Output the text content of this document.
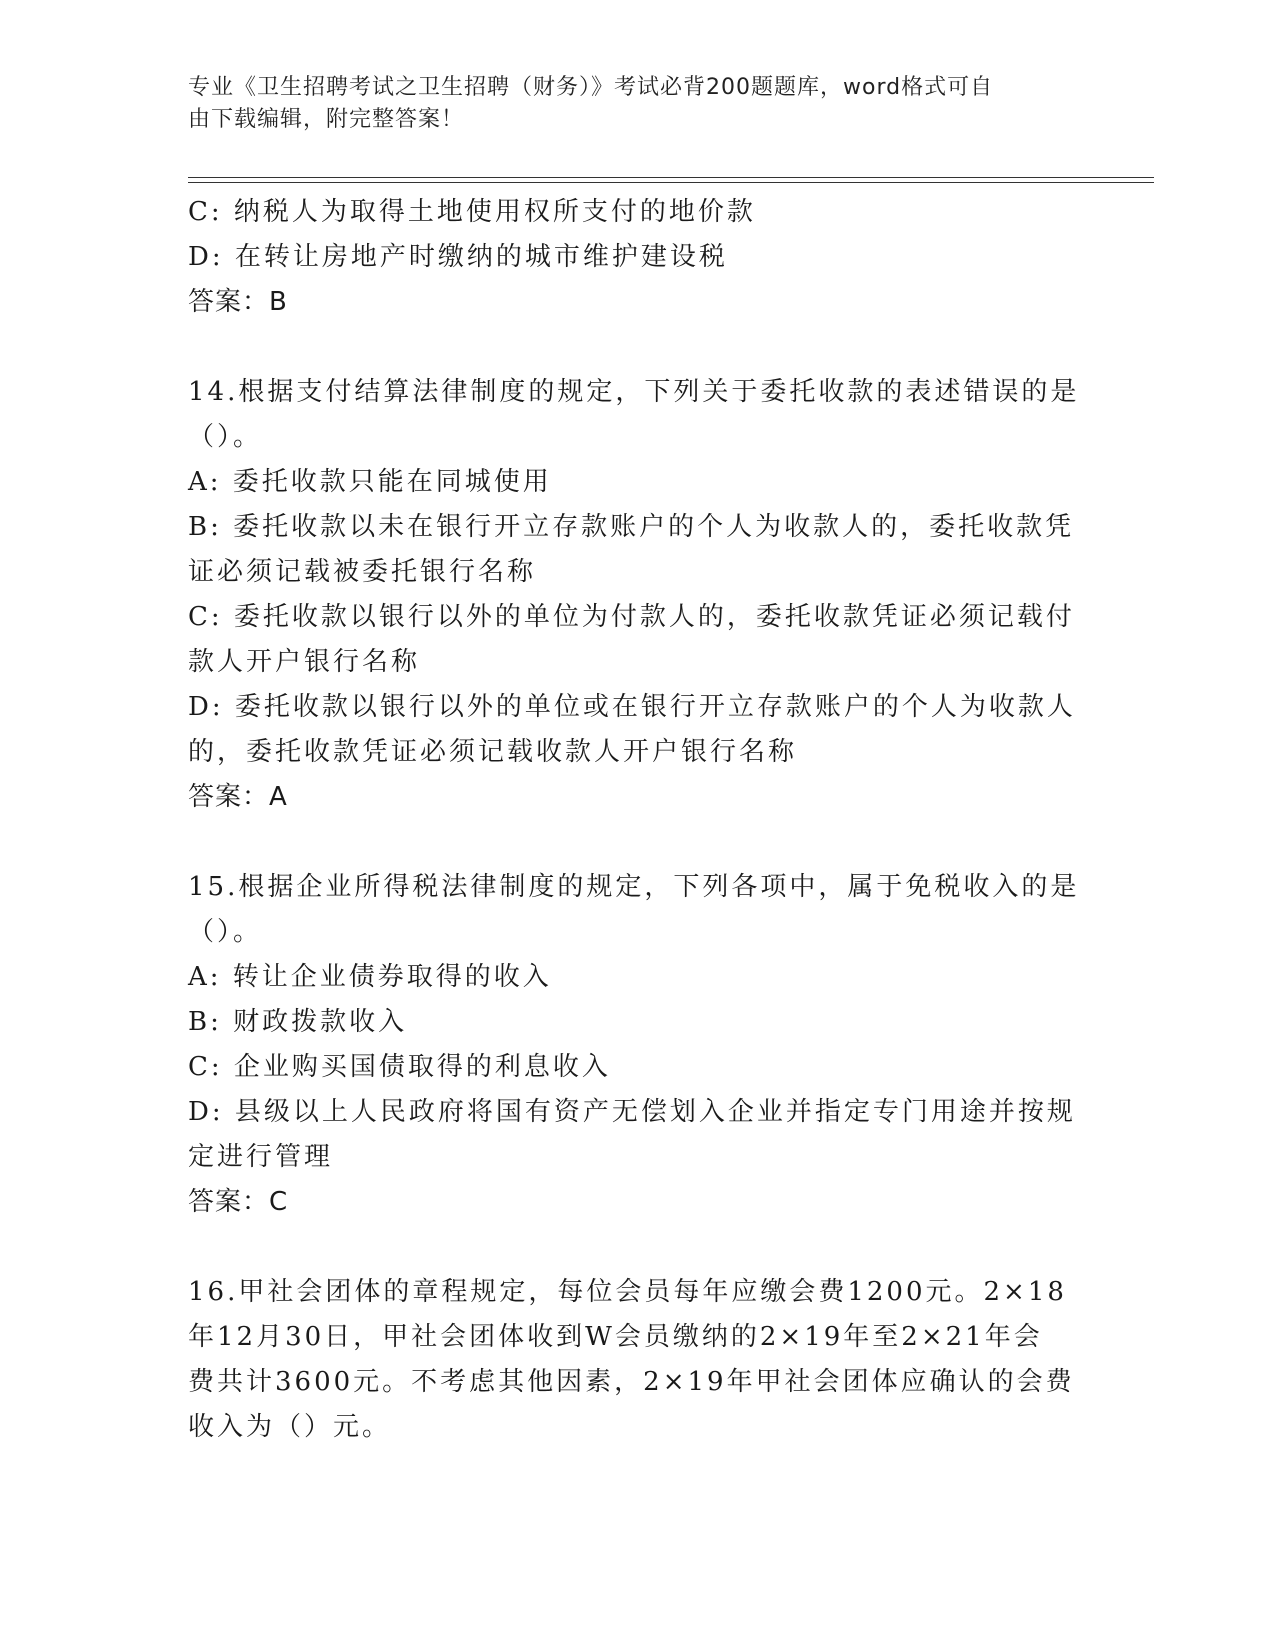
专业《卫生招聘考试之卫生招聘（财务）》考试必背200题题库，word格式可自
由下载编辑，附完整答案！

C: 纳税人为取得土地使用权所支付的地价款

D: 在转让房地产时缴纳的城市维护建设税

答案：B

14.根据支付结算法律制度的规定，下列关于委托收款的表述错误的是

（）。

A: 委托收款只能在同城使用

B: 委托收款以未在银行开立存款账户的个人为收款人的，委托收款凭

证必须记载被委托银行名称

C: 委托收款以银行以外的单位为付款人的，委托收款凭证必须记载付

款人开户银行名称

D: 委托收款以银行以外的单位或在银行开立存款账户的个人为收款人

的，委托收款凭证必须记载收款人开户银行名称

答案：A

15.根据企业所得税法律制度的规定，下列各项中，属于免税收入的是

（）。

A: 转让企业债券取得的收入

B: 财政拨款收入

C: 企业购买国债取得的利息收入

D: 县级以上人民政府将国有资产无偿划入企业并指定专门用途并按规

定进行管理

答案：C

16.甲社会团体的章程规定，每位会员每年应缴会费1200元。2×18

年12月30日，甲社会团体收到W会员缴纳的2×19年至2×21年会

费共计3600元。不考虑其他因素，2×19年甲社会团体应确认的会费

收入为（）元。
